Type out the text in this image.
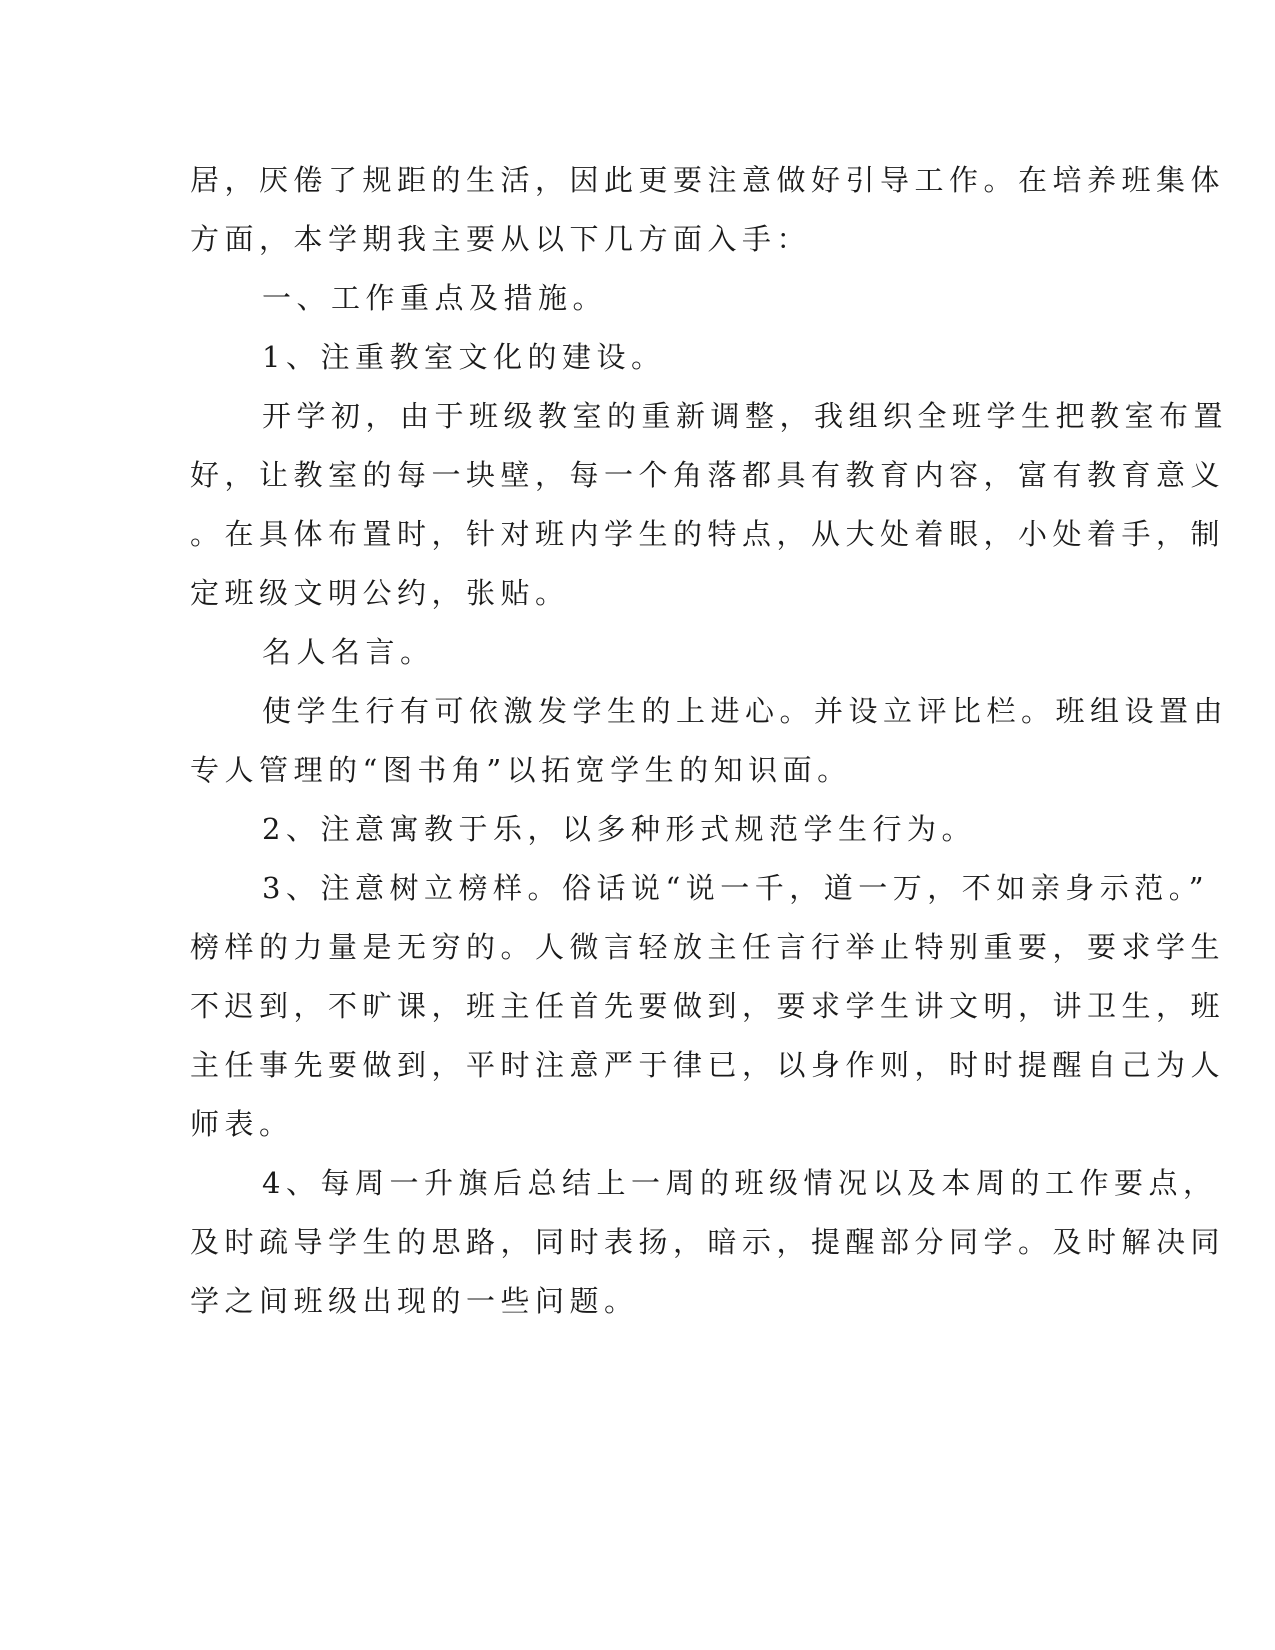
居，厌倦了规距的生活，因此更要注意做好引导工作。在培养班集体
方面，本学期我主要从以下几方面入手：
一、工作重点及措施。
1、注重教室文化的建设。
开学初，由于班级教室的重新调整，我组织全班学生把教室布置
好，让教室的每一块壁，每一个角落都具有教育内容，富有教育意义
。在具体布置时，针对班内学生的特点，从大处着眼，小处着手，制
定班级文明公约，张贴。
名人名言。
使学生行有可依激发学生的上进心。并设立评比栏。班组设置由
专人管理的“图书角”以拓宽学生的知识面。
2、注意寓教于乐，以多种形式规范学生行为。
3、注意树立榜样。俗话说“说一千，道一万，不如亲身示范。”
榜样的力量是无穷的。人微言轻放主任言行举止特别重要，要求学生
不迟到，不旷课，班主任首先要做到，要求学生讲文明，讲卫生，班
主任事先要做到，平时注意严于律已，以身作则，时时提醒自己为人
师表。
4、每周一升旗后总结上一周的班级情况以及本周的工作要点，
及时疏导学生的思路，同时表扬，暗示，提醒部分同学。及时解决同
学之间班级出现的一些问题。
